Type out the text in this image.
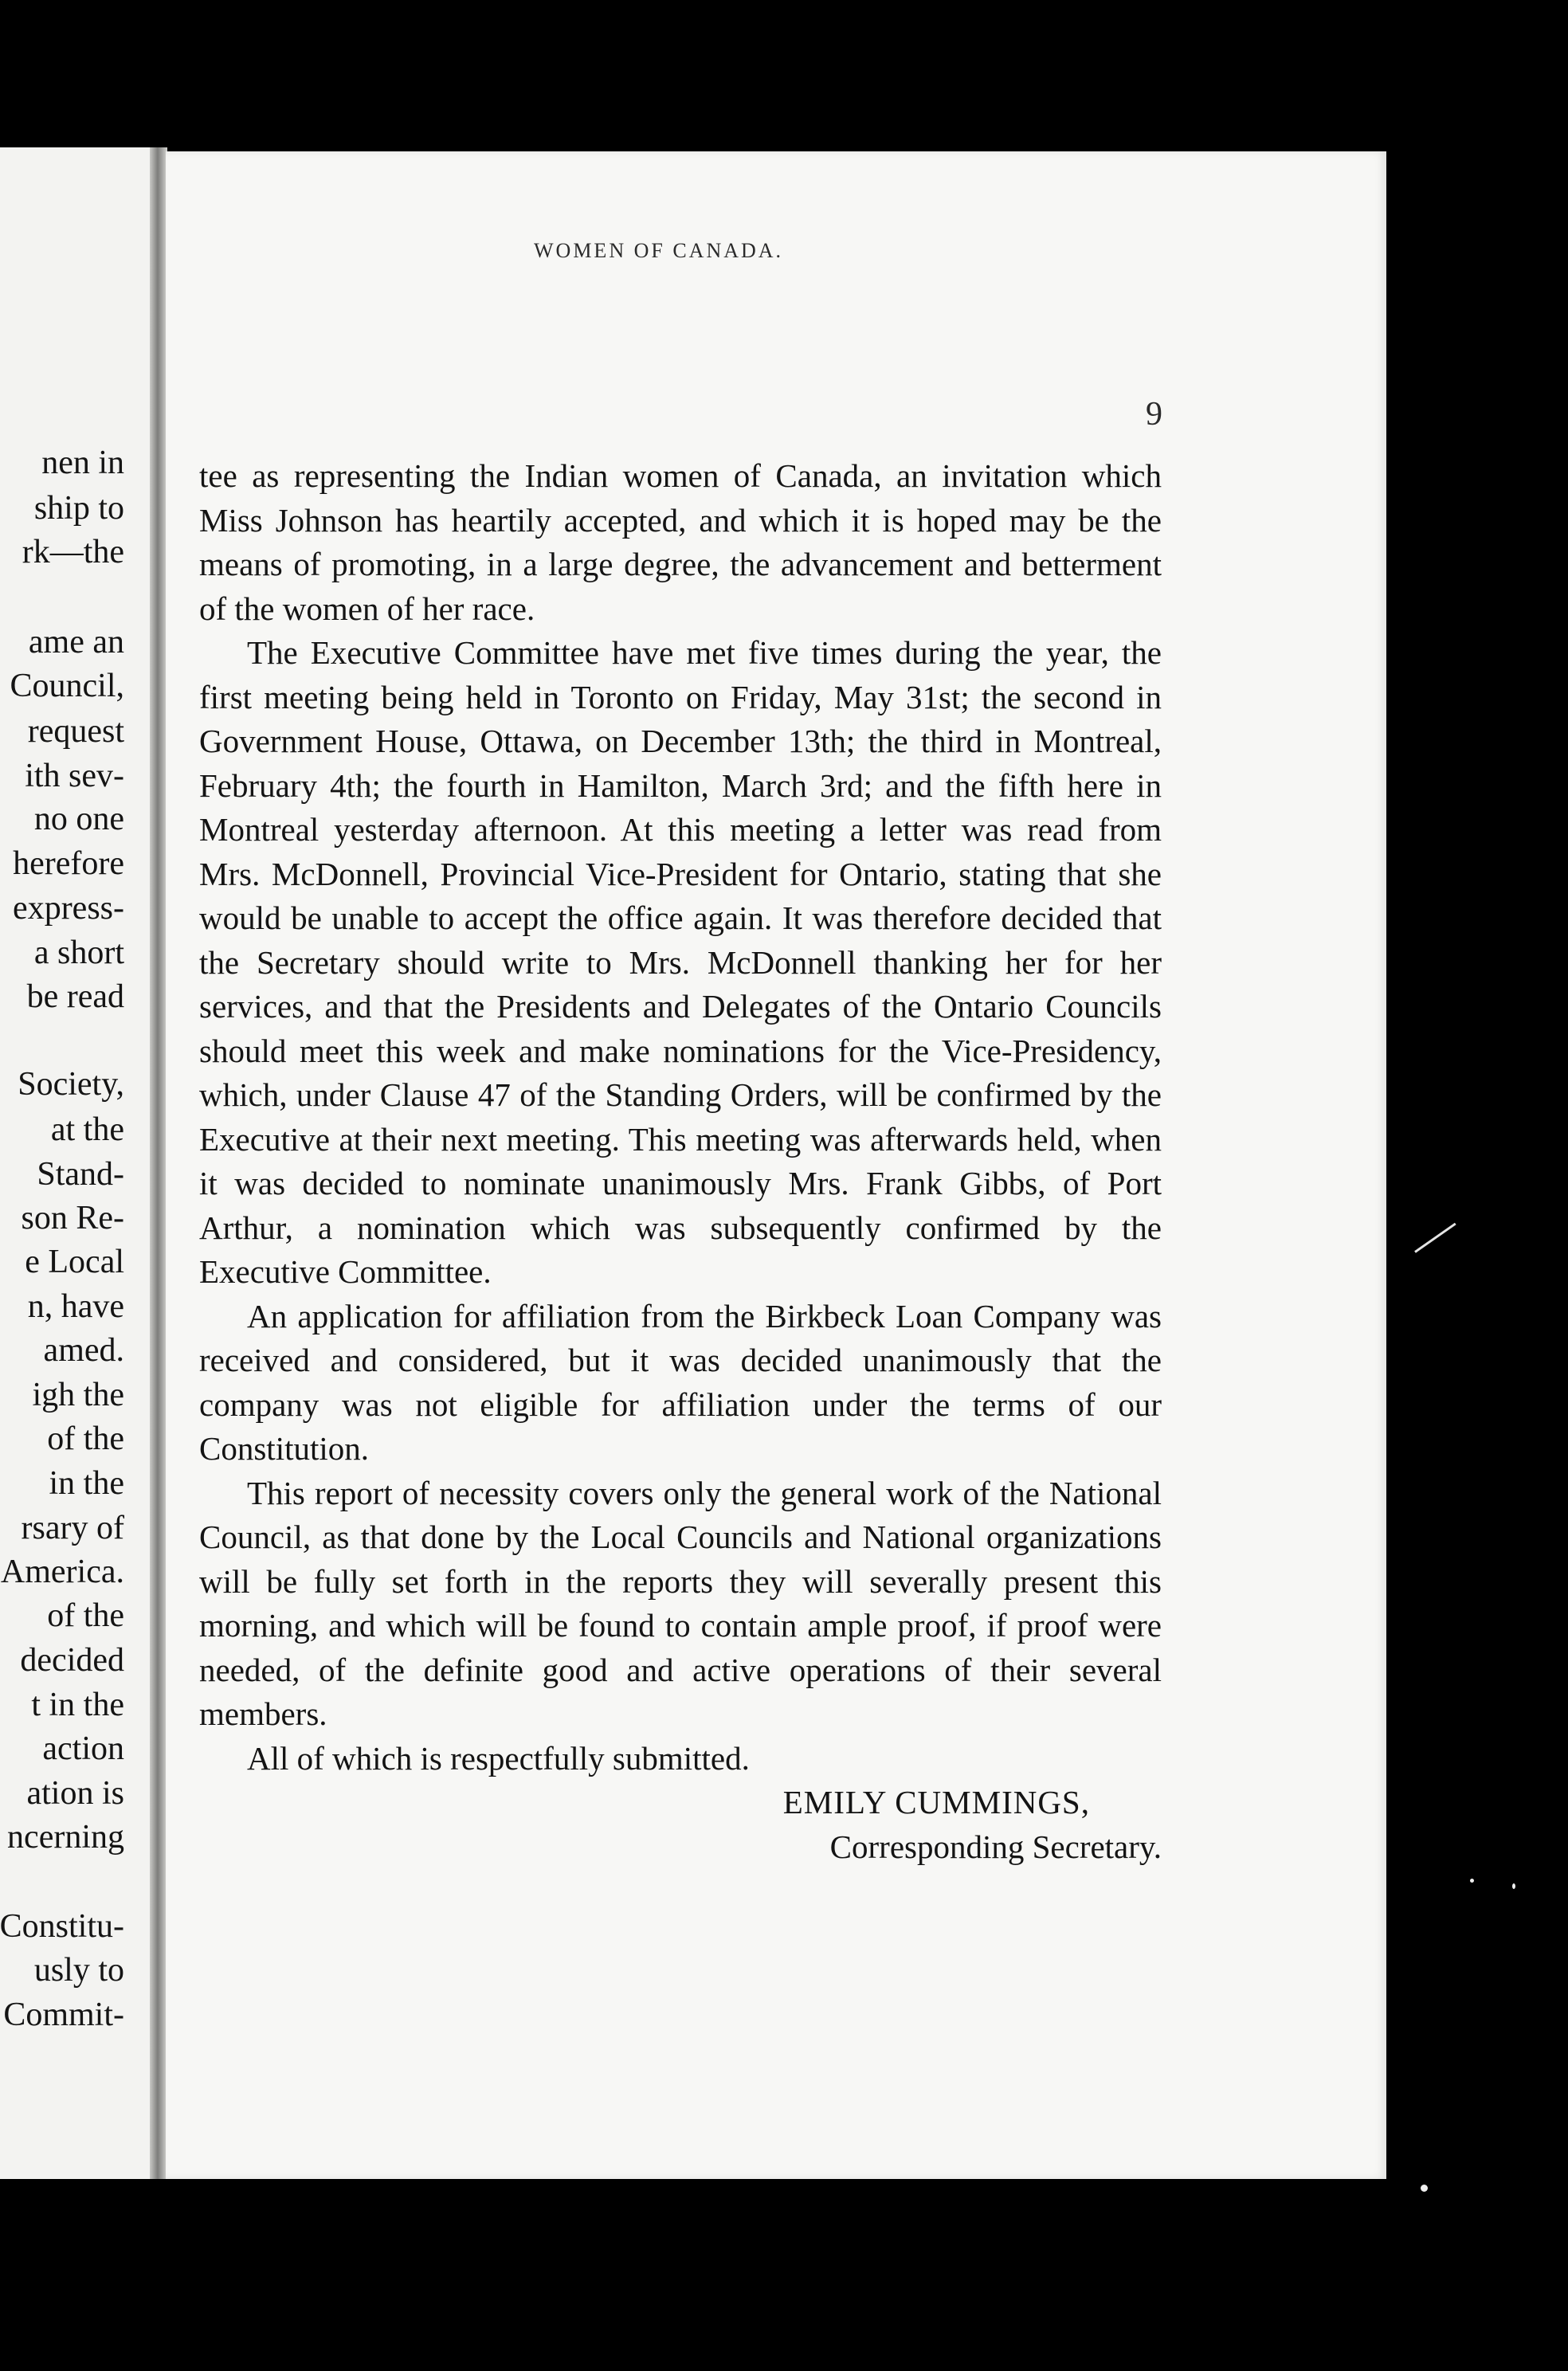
nen in
ship to
rk—the
ame an
Council,
request
ith sev-
no one
herefore
express-
a short
be read
Society,
at the
Stand-
son Re-
e Local
n, have
amed.
igh the
of the
in the
rsary of
America.
of the
decided
t in the
action
ation is
ncerning
Constitu-
usly to
Commit-
WOMEN OF CANADA.
9

tee as representing the Indian women of Canada, an invitation which Miss Johnson has heartily accepted, and which it is hoped may be the means of promoting, in a large degree, the advancement and betterment of the women of her race.

The Executive Committee have met five times during the year, the first meeting being held in Toronto on Friday, May 31st; the second in Government House, Ottawa, on December 13th; the third in Montreal, February 4th; the fourth in Hamilton, March 3rd; and the fifth here in Montreal yesterday afternoon. At this meeting a letter was read from Mrs. McDonnell, Provincial Vice-President for Ontario, stating that she would be unable to accept the office again. It was therefore decided that the Secretary should write to Mrs. McDonnell thanking her for her services, and that the Presidents and Delegates of the Ontario Councils should meet this week and make nominations for the Vice-Presidency, which, under Clause 47 of the Standing Orders, will be confirmed by the Executive at their next meeting. This meeting was afterwards held, when it was decided to nominate unanimously Mrs. Frank Gibbs, of Port Arthur, a nomination which was subsequently confirmed by the Executive Committee.

An application for affiliation from the Birkbeck Loan Company was received and considered, but it was decided unanimously that the company was not eligible for affiliation under the terms of our Constitution.

This report of necessity covers only the general work of the National Council, as that done by the Local Councils and National organizations will be fully set forth in the reports they will severally present this morning, and which will be found to contain ample proof, if proof were needed, of the definite good and active operations of their several members.

All of which is respectfully submitted.

EMILY CUMMINGS,

Corresponding Secretary.
